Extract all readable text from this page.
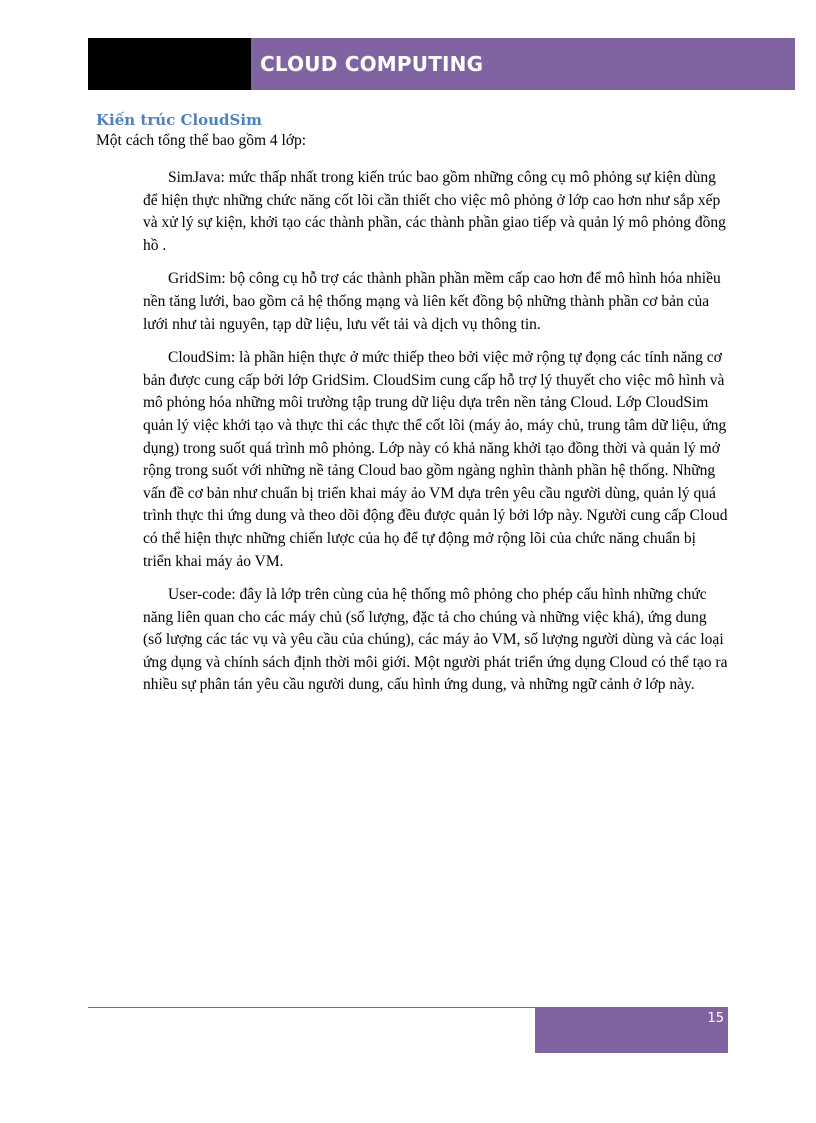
CLOUD COMPUTING
Kiến trúc CloudSim

Một cách tổng thể bao gồm 4 lớp:

SimJava: mức thấp nhất trong kiến trúc bao gồm những công cụ mô phỏng sự kiện dùng để hiện thực những chức năng cốt lõi cần thiết cho việc mô phỏng ở lớp cao hơn như sắp xếp và xử lý sự kiện, khởi tạo các thành phần, các thành phần giao tiếp và quản lý mô phỏng đồng hồ .

GridSim: bộ công cụ hỗ trợ các thành phần phần mềm cấp cao hơn để mô hình hóa nhiều nền tăng lưới, bao gồm cả hệ thống mạng và liên kết đồng bộ những thành phần cơ bản của lưới như tài nguyên, tạp dữ liệu, lưu vết tải và dịch vụ thông tin.

CloudSim: là phần hiện thực ở mức thiếp theo bởi việc mở rộng tự đọng các tính năng cơ bản được cung cấp bởi lớp GridSim. CloudSim cung cấp hỗ trợ lý thuyết cho việc mô hình và mô phỏng hóa những môi trường tập trung dữ liệu dựa trên nền tảng Cloud. Lớp CloudSim quản lý việc khởi tạo và thực thi các thực thể cốt lõi (máy ảo, máy chủ, trung tâm dữ liệu, ứng dụng) trong suốt quá trình mô phỏng. Lớp này có khả năng khởi tạo đồng thời và quản lý mở rộng trong suốt với những nề tảng Cloud bao gồm ngàng nghìn thành phần hệ thống. Những vấn đề cơ bản như chuẩn bị triển khai máy ảo VM dựa trên yêu cầu người dùng, quản lý quá trình thực thi ứng dung và theo dõi động đều được quản lý bởi lớp này. Người cung cấp Cloud có thể hiện thực những chiến lược của họ để tự động mở rộng lõi của chức năng chuẩn bị triển khai máy ảo VM.

User-code: đây là lớp trên cùng của hệ thống mô phỏng cho phép cấu hình những chức năng liên quan cho các máy chủ (số lượng, đặc tả cho chúng và những việc khá), ứng dung (số lượng các tác vụ và yêu cầu của chúng), các máy ảo VM, số lượng người dùng và các loại ứng dụng và chính sách định thời môi giới. Một người phát triển ứng dụng Cloud có thể tạo ra nhiều sự phân tán yêu cầu người dung, cấu hình ứng dung, và những ngữ cảnh ở lớp này.

15
